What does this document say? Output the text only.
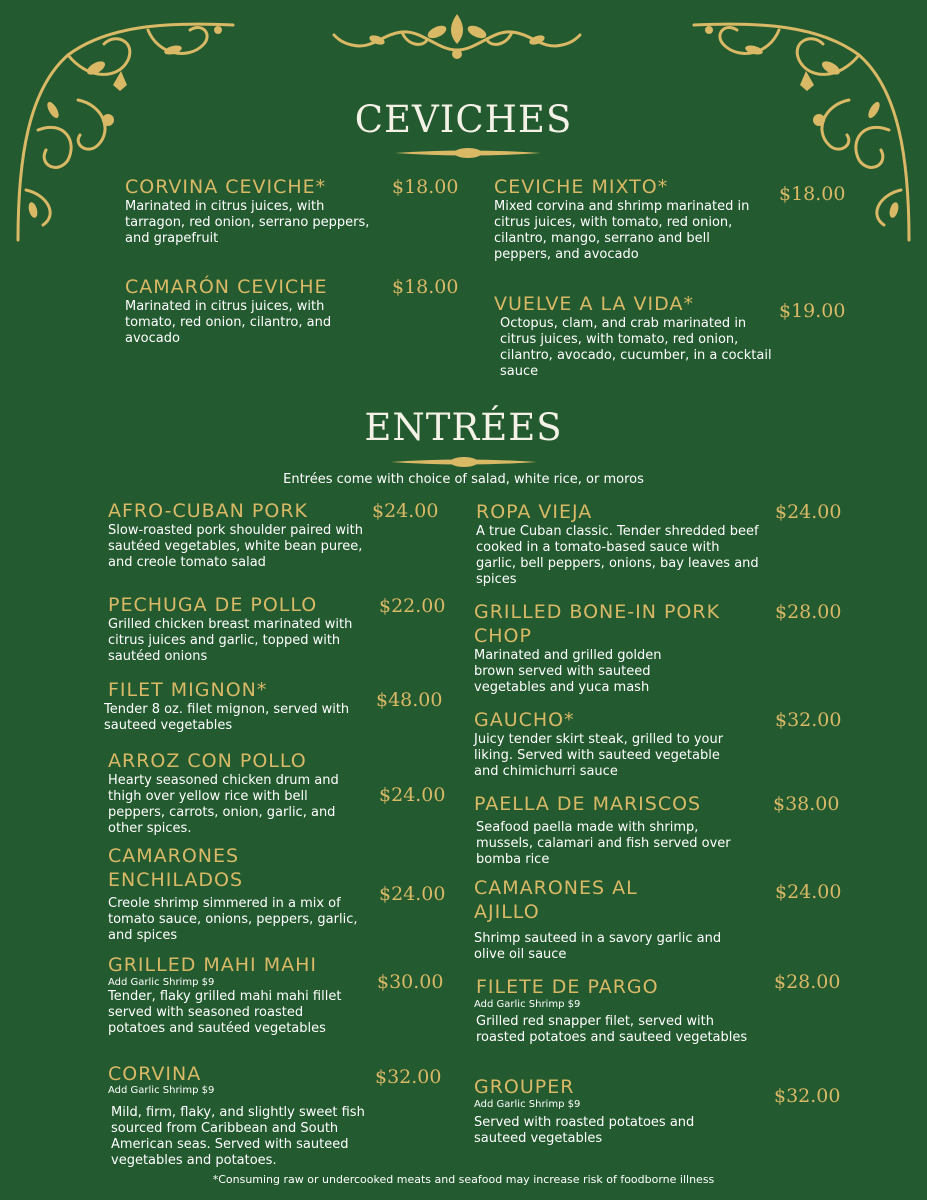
CEVICHES
CORVINA CEVICHE*
Marinated in citrus juices, with tarragon, red onion, serrano peppers, and grapefruit
$18.00
CAMARÓN CEVICHE
Marinated in citrus juices, with tomato, red onion, cilantro, and avocado
$18.00
CEVICHE MIXTO*
Mixed corvina and shrimp marinated in citrus juices, with tomato, red onion, cilantro, mango, serrano and bell peppers, and avocado
$18.00
VUELVE A LA VIDA*
Octopus, clam, and crab marinated in citrus juices, with tomato, red onion, cilantro, avocado, cucumber, in a cocktail sauce
$19.00
ENTRÉES
Entrées come with choice of salad, white rice, or moros
AFRO-CUBAN PORK
Slow-roasted pork shoulder paired with sautéed vegetables, white bean puree, and creole tomato salad
$24.00
PECHUGA DE POLLO
Grilled chicken breast marinated with citrus juices and garlic, topped with sautéed onions
$22.00
FILET MIGNON*
Tender 8 oz. filet mignon, served with sauteed vegetables
$48.00
ARROZ CON POLLO
Hearty seasoned chicken drum and thigh over yellow rice with bell peppers, carrots, onion, garlic, and other spices.
$24.00
CAMARONES ENCHILADOS
Creole shrimp simmered in a mix of tomato sauce, onions, peppers, garlic, and spices
$24.00
GRILLED MAHI MAHI
Add Garlic Shrimp $9
Tender, flaky grilled mahi mahi fillet served with seasoned roasted potatoes and sautéed vegetables
$30.00
CORVINA
Add Garlic Shrimp $9
Mild, firm, flaky, and slightly sweet fish sourced from Caribbean and South American seas. Served with sauteed vegetables and potatoes.
$32.00
ROPA VIEJA
A true Cuban classic. Tender shredded beef cooked in a tomato-based sauce with garlic, bell peppers, onions, bay leaves and spices
$24.00
GRILLED BONE-IN PORK CHOP
Marinated and grilled golden brown served with sauteed vegetables and yuca mash
$28.00
GAUCHO*
Juicy tender skirt steak, grilled to your liking. Served with sauteed vegetable and chimichurri sauce
$32.00
PAELLA DE MARISCOS
Seafood paella made with shrimp, mussels, calamari and fish served over bomba rice
$38.00
CAMARONES AL AJILLO
Shrimp sauteed in a savory garlic and olive oil sauce
$24.00
FILETE DE PARGO
Add Garlic Shrimp $9
Grilled red snapper filet, served with roasted potatoes and sauteed vegetables
$28.00
GROUPER
Add Garlic Shrimp $9
Served with roasted potatoes and sauteed vegetables
$32.00
*Consuming raw or undercooked meats and seafood may increase risk of foodborne illness
